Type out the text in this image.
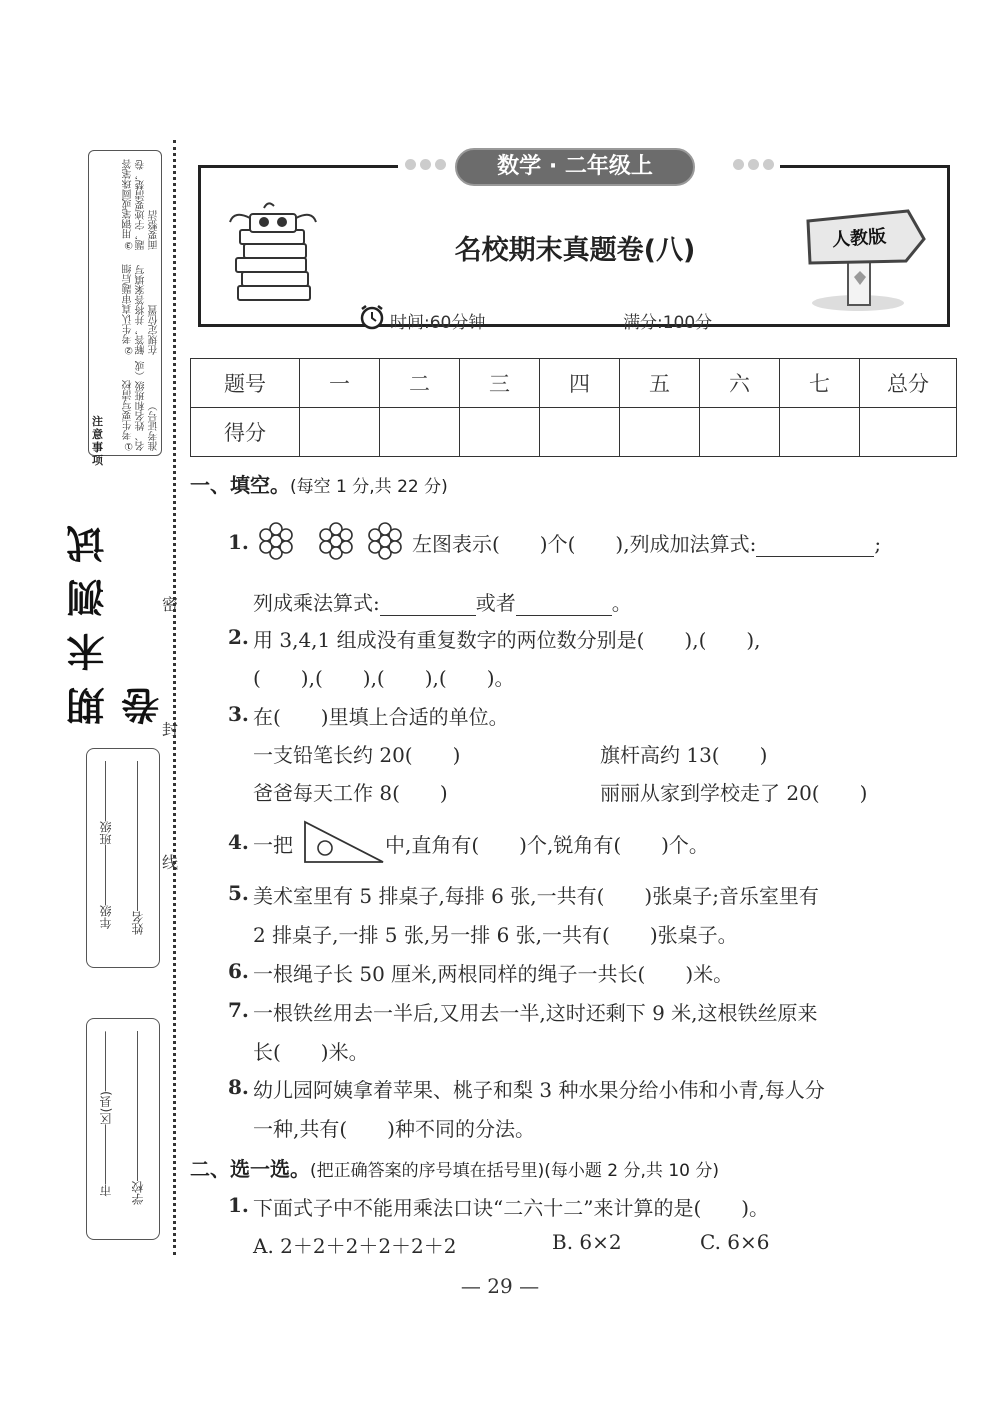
①考生要写清校名、姓名和班级（或准考证号）
②考生认真审题后细解答，并将答案填写在规定位置
③用钢笔或圆珠笔答题，字迹要清楚，卷面要整洁
注意事项
期末测试卷
密
封
线
年级班级
姓名
市区(县)
学校
数学 · 二年级上
名校期末真题卷(八)	人教版
时间:60分钟	满分:100分
题号	一	二	三	四	五	六	七	总分
得分								
一、填空。(每空 1 分,共 22 分)
1.	左图表示(　　)个(　　),列成加法算式:	;
列成乘法算式:	或者	。
2. 用 3,4,1 组成没有重复数字的两位数分别是(　　),(　　),
(　　),(　　),(　　),(　　)。
3. 在(　　)里填上合适的单位。
一支铅笔长约 20(　　)	旗杆高约 13(　　)
爸爸每天工作 8(　　)	丽丽从家到学校走了 20(　　)
4. 一把	中,直角有(　　)个,锐角有(　　)个。
5. 美术室里有 5 排桌子,每排 6 张,一共有(　　)张桌子;音乐室里有
2 排桌子,一排 5 张,另一排 6 张,一共有(　　)张桌子。
6. 一根绳子长 50 厘米,两根同样的绳子一共长(　　)米。
7. 一根铁丝用去一半后,又用去一半,这时还剩下 9 米,这根铁丝原来
长(　　)米。
8. 幼儿园阿姨拿着苹果、桃子和梨 3 种水果分给小伟和小青,每人分
一种,共有(　　)种不同的分法。
二、选一选。(把正确答案的序号填在括号里)(每小题 2 分,共 10 分)
1. 下面式子中不能用乘法口诀“二六十二”来计算的是(　　)。
A. 2＋2＋2＋2＋2＋2	B. 6×2	C. 6×6
— 29 —
